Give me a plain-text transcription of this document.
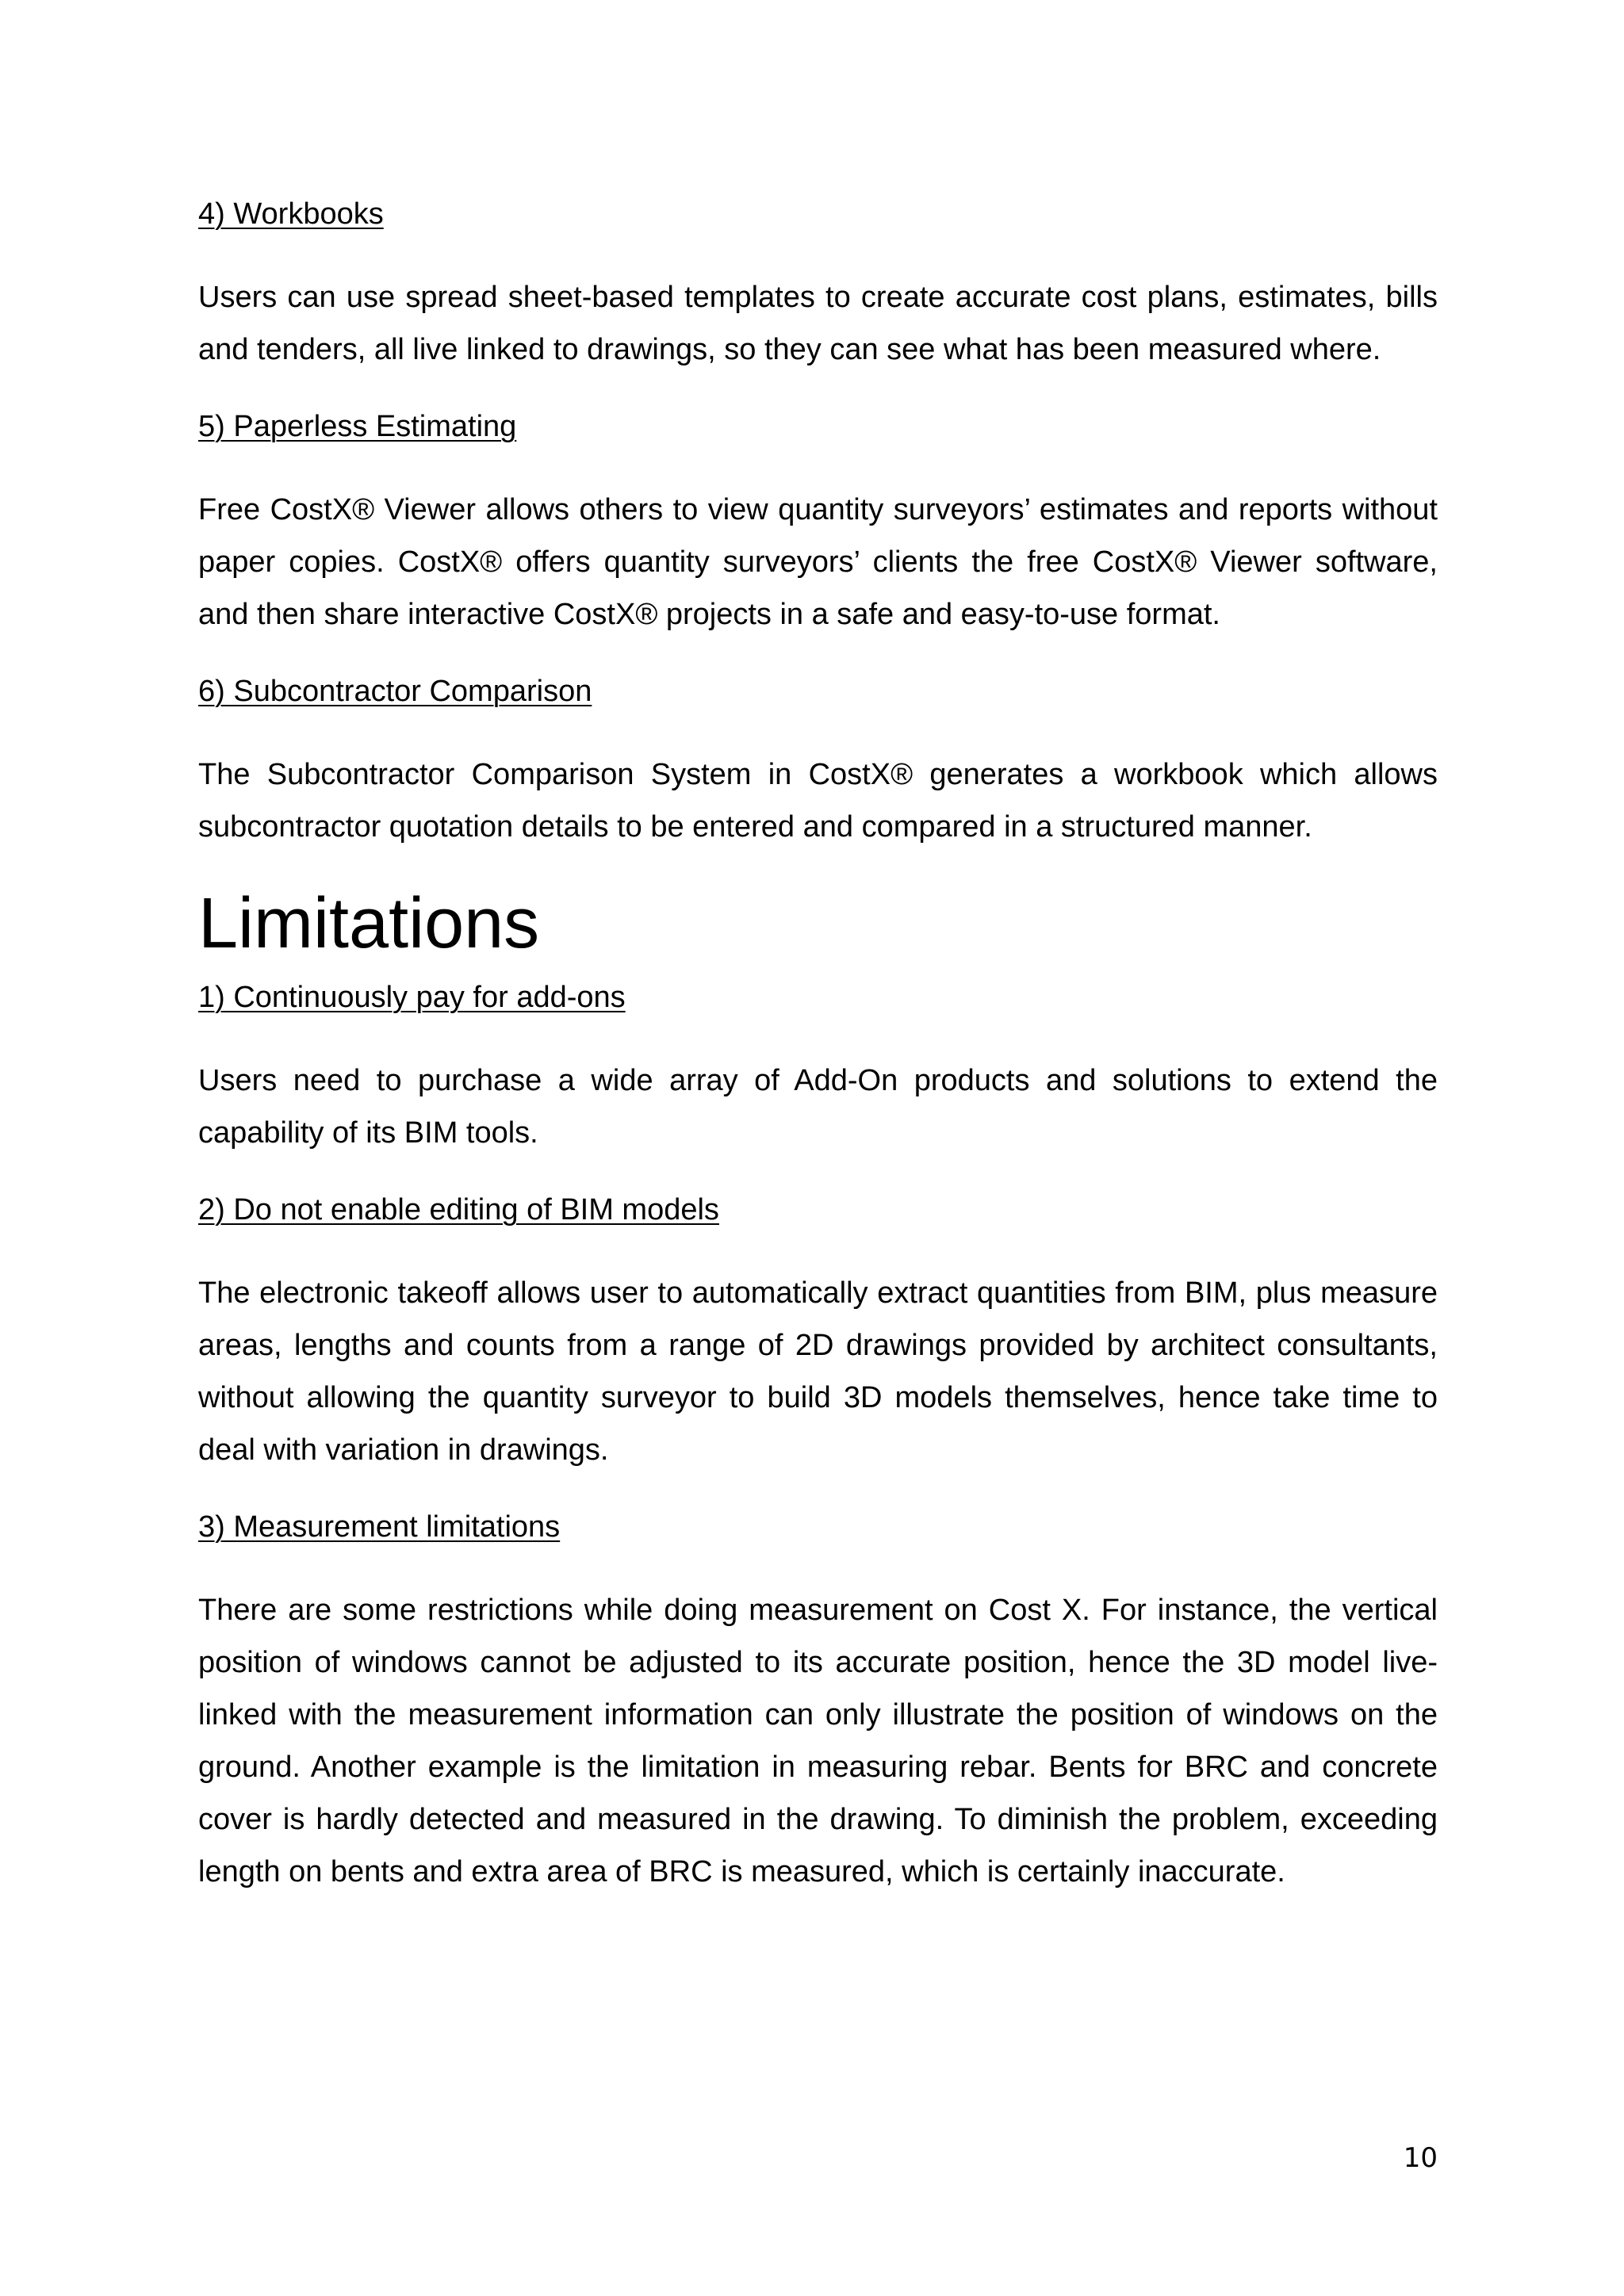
4) Workbooks

Users can use spread sheet-based templates to create accurate cost plans, estimates, bills and tenders, all live linked to drawings, so they can see what has been measured where.

5) Paperless Estimating

Free CostX® Viewer allows others to view quantity surveyors’ estimates and reports without paper copies. CostX® offers quantity surveyors’ clients the free CostX® Viewer software, and then share interactive CostX® projects in a safe and easy-to-use format.

6) Subcontractor Comparison

The Subcontractor Comparison System in CostX® generates a workbook which allows subcontractor quotation details to be entered and compared in a structured manner.

Limitations
1) Continuously pay for add-ons

Users need to purchase a wide array of Add-On products and solutions to extend the capability of its BIM tools.

2) Do not enable editing of BIM models

The electronic takeoff allows user to automatically extract quantities from BIM, plus measure areas, lengths and counts from a range of 2D drawings provided by architect consultants, without allowing the quantity surveyor to build 3D models themselves, hence take time to deal with variation in drawings.

3) Measurement limitations

There are some restrictions while doing measurement on Cost X. For instance, the vertical position of windows cannot be adjusted to its accurate position, hence the 3D model live-linked with the measurement information can only illustrate the position of windows on the ground. Another example is the limitation in measuring rebar. Bents for BRC and concrete cover is hardly detected and measured in the drawing. To diminish the problem, exceeding length on bents and extra area of BRC is measured, which is certainly inaccurate.

10
